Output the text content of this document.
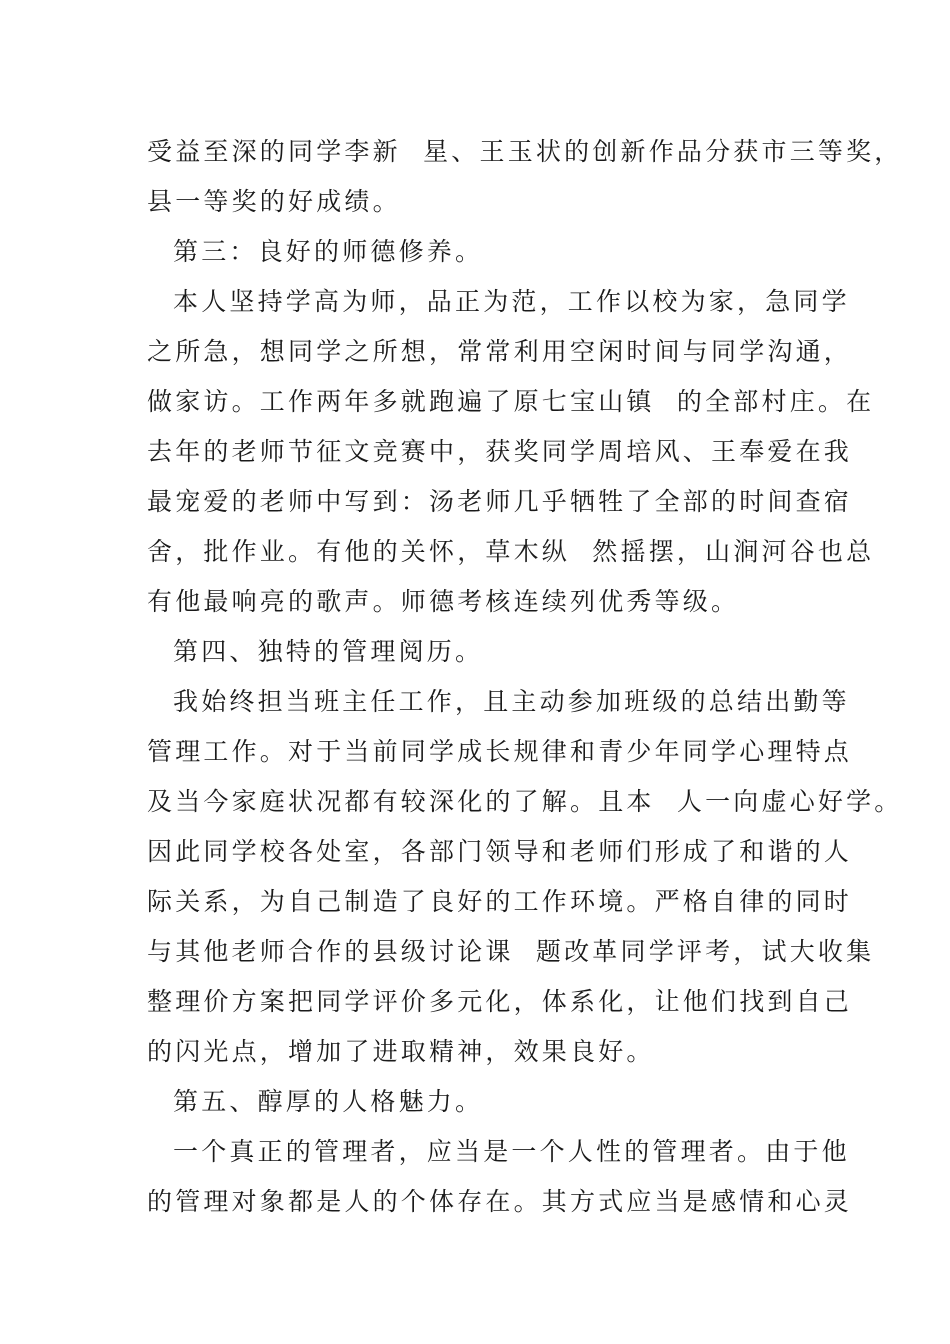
受益至深的同学李新  星、王玉状的创新作品分获市三等奖，
县一等奖的好成绩。
第三：良好的师德修养。
本人坚持学高为师，品正为范，工作以校为家，急同学
之所急，想同学之所想，常常利用空闲时间与同学沟通，
做家访。工作两年多就跑遍了原七宝山镇  的全部村庄。在
去年的老师节征文竞赛中，获奖同学周培风、王奉爱在我
最宠爱的老师中写到：汤老师几乎牺牲了全部的时间查宿
舍，批作业。有他的关怀，草木纵  然摇摆，山涧河谷也总
有他最响亮的歌声。师德考核连续列优秀等级。
第四、独特的管理阅历。
我始终担当班主任工作，且主动参加班级的总结出勤等
管理工作。对于当前同学成长规律和青少年同学心理特点
及当今家庭状况都有较深化的了解。且本  人一向虚心好学。
因此同学校各处室，各部门领导和老师们形成了和谐的人
际关系，为自己制造了良好的工作环境。严格自律的同时
与其他老师合作的县级讨论课  题改革同学评考，试大收集
整理价方案把同学评价多元化，体系化，让他们找到自己
的闪光点，增加了进取精神，效果良好。
第五、醇厚的人格魅力。
一个真正的管理者，应当是一个人性的管理者。由于他
的管理对象都是人的个体存在。其方式应当是感情和心灵
